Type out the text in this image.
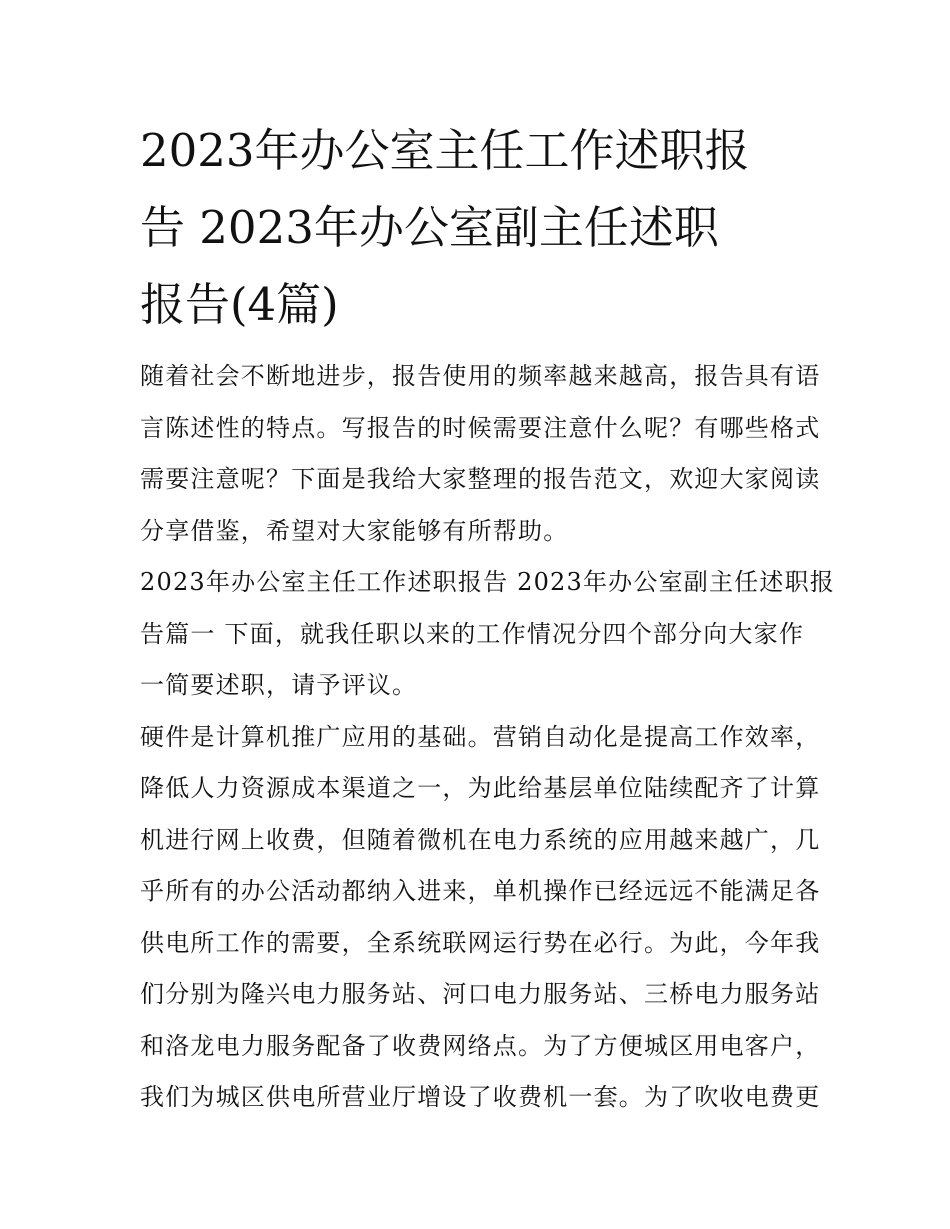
2023年办公室主任工作述职报
告 2023年办公室副主任述职
报告(4篇)

随着社会不断地进步，报告使用的频率越来越高，报告具有语
言陈述性的特点。写报告的时候需要注意什么呢？有哪些格式
需要注意呢？下面是我给大家整理的报告范文，欢迎大家阅读
分享借鉴，希望对大家能够有所帮助。

2023年办公室主任工作述职报告 2023年办公室副主任述职报
告篇一 下面，就我任职以来的工作情况分四个部分向大家作
一简要述职，请予评议。

硬件是计算机推广应用的基础。营销自动化是提高工作效率，
降低人力资源成本渠道之一，为此给基层单位陆续配齐了计算
机进行网上收费，但随着微机在电力系统的应用越来越广，几
乎所有的办公活动都纳入进来，单机操作已经远远不能满足各
供电所工作的需要，全系统联网运行势在必行。为此，今年我
们分别为隆兴电力服务站、河口电力服务站、三桥电力服务站
和洛龙电力服务配备了收费网络点。为了方便城区用电客户，
我们为城区供电所营业厅增设了收费机一套。为了吹收电费更
